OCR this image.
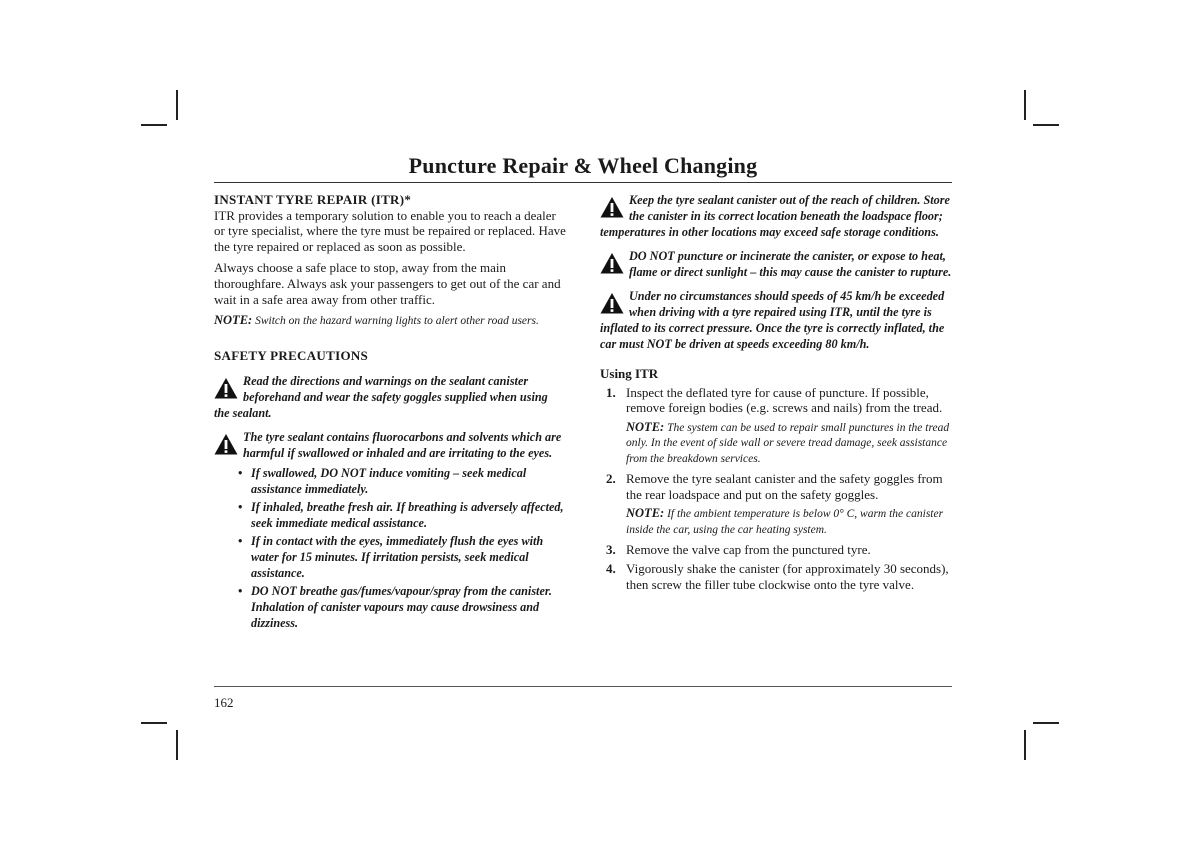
Puncture Repair & Wheel Changing
INSTANT TYRE REPAIR (ITR)*

ITR provides a temporary solution to enable you to reach a dealer or tyre specialist, where the tyre must be repaired or replaced. Have the tyre repaired or replaced as soon as possible.

Always choose a safe place to stop, away from the main thoroughfare. Always ask your passengers to get out of the car and wait in a safe area away from other traffic.

NOTE: Switch on the hazard warning lights to alert other road users.

SAFETY PRECAUTIONS
Read the directions and warnings on the sealant canister beforehand and wear the safety goggles supplied when using the sealant.
The tyre sealant contains fluorocarbons and solvents which are harmful if swallowed or inhaled and are irritating to the eyes.
• If swallowed, DO NOT induce vomiting – seek medical assistance immediately.
• If inhaled, breathe fresh air. If breathing is adversely affected, seek immediate medical assistance.
• If in contact with the eyes, immediately flush the eyes with water for 15 minutes. If irritation persists, seek medical assistance.
• DO NOT breathe gas/fumes/vapour/spray from the canister. Inhalation of canister vapours may cause drowsiness and dizziness.
Keep the tyre sealant canister out of the reach of children. Store the canister in its correct location beneath the loadspace floor; temperatures in other locations may exceed safe storage conditions.
DO NOT puncture or incinerate the canister, or expose to heat, flame or direct sunlight – this may cause the canister to rupture.
Under no circumstances should speeds of 45 km/h be exceeded when driving with a tyre repaired using ITR, until the tyre is inflated to its correct pressure. Once the tyre is correctly inflated, the car must NOT be driven at speeds exceeding 80 km/h.
Using ITR
1. Inspect the deflated tyre for cause of puncture. If possible, remove foreign bodies (e.g. screws and nails) from the tread.

NOTE: The system can be used to repair small punctures in the tread only. In the event of side wall or severe tread damage, seek assistance from the breakdown services.

2. Remove the tyre sealant canister and the safety goggles from the rear loadspace and put on the safety goggles.

NOTE: If the ambient temperature is below 0° C, warm the canister inside the car, using the car heating system.

3. Remove the valve cap from the punctured tyre.
4. Vigorously shake the canister (for approximately 30 seconds), then screw the filler tube clockwise onto the tyre valve.
162
